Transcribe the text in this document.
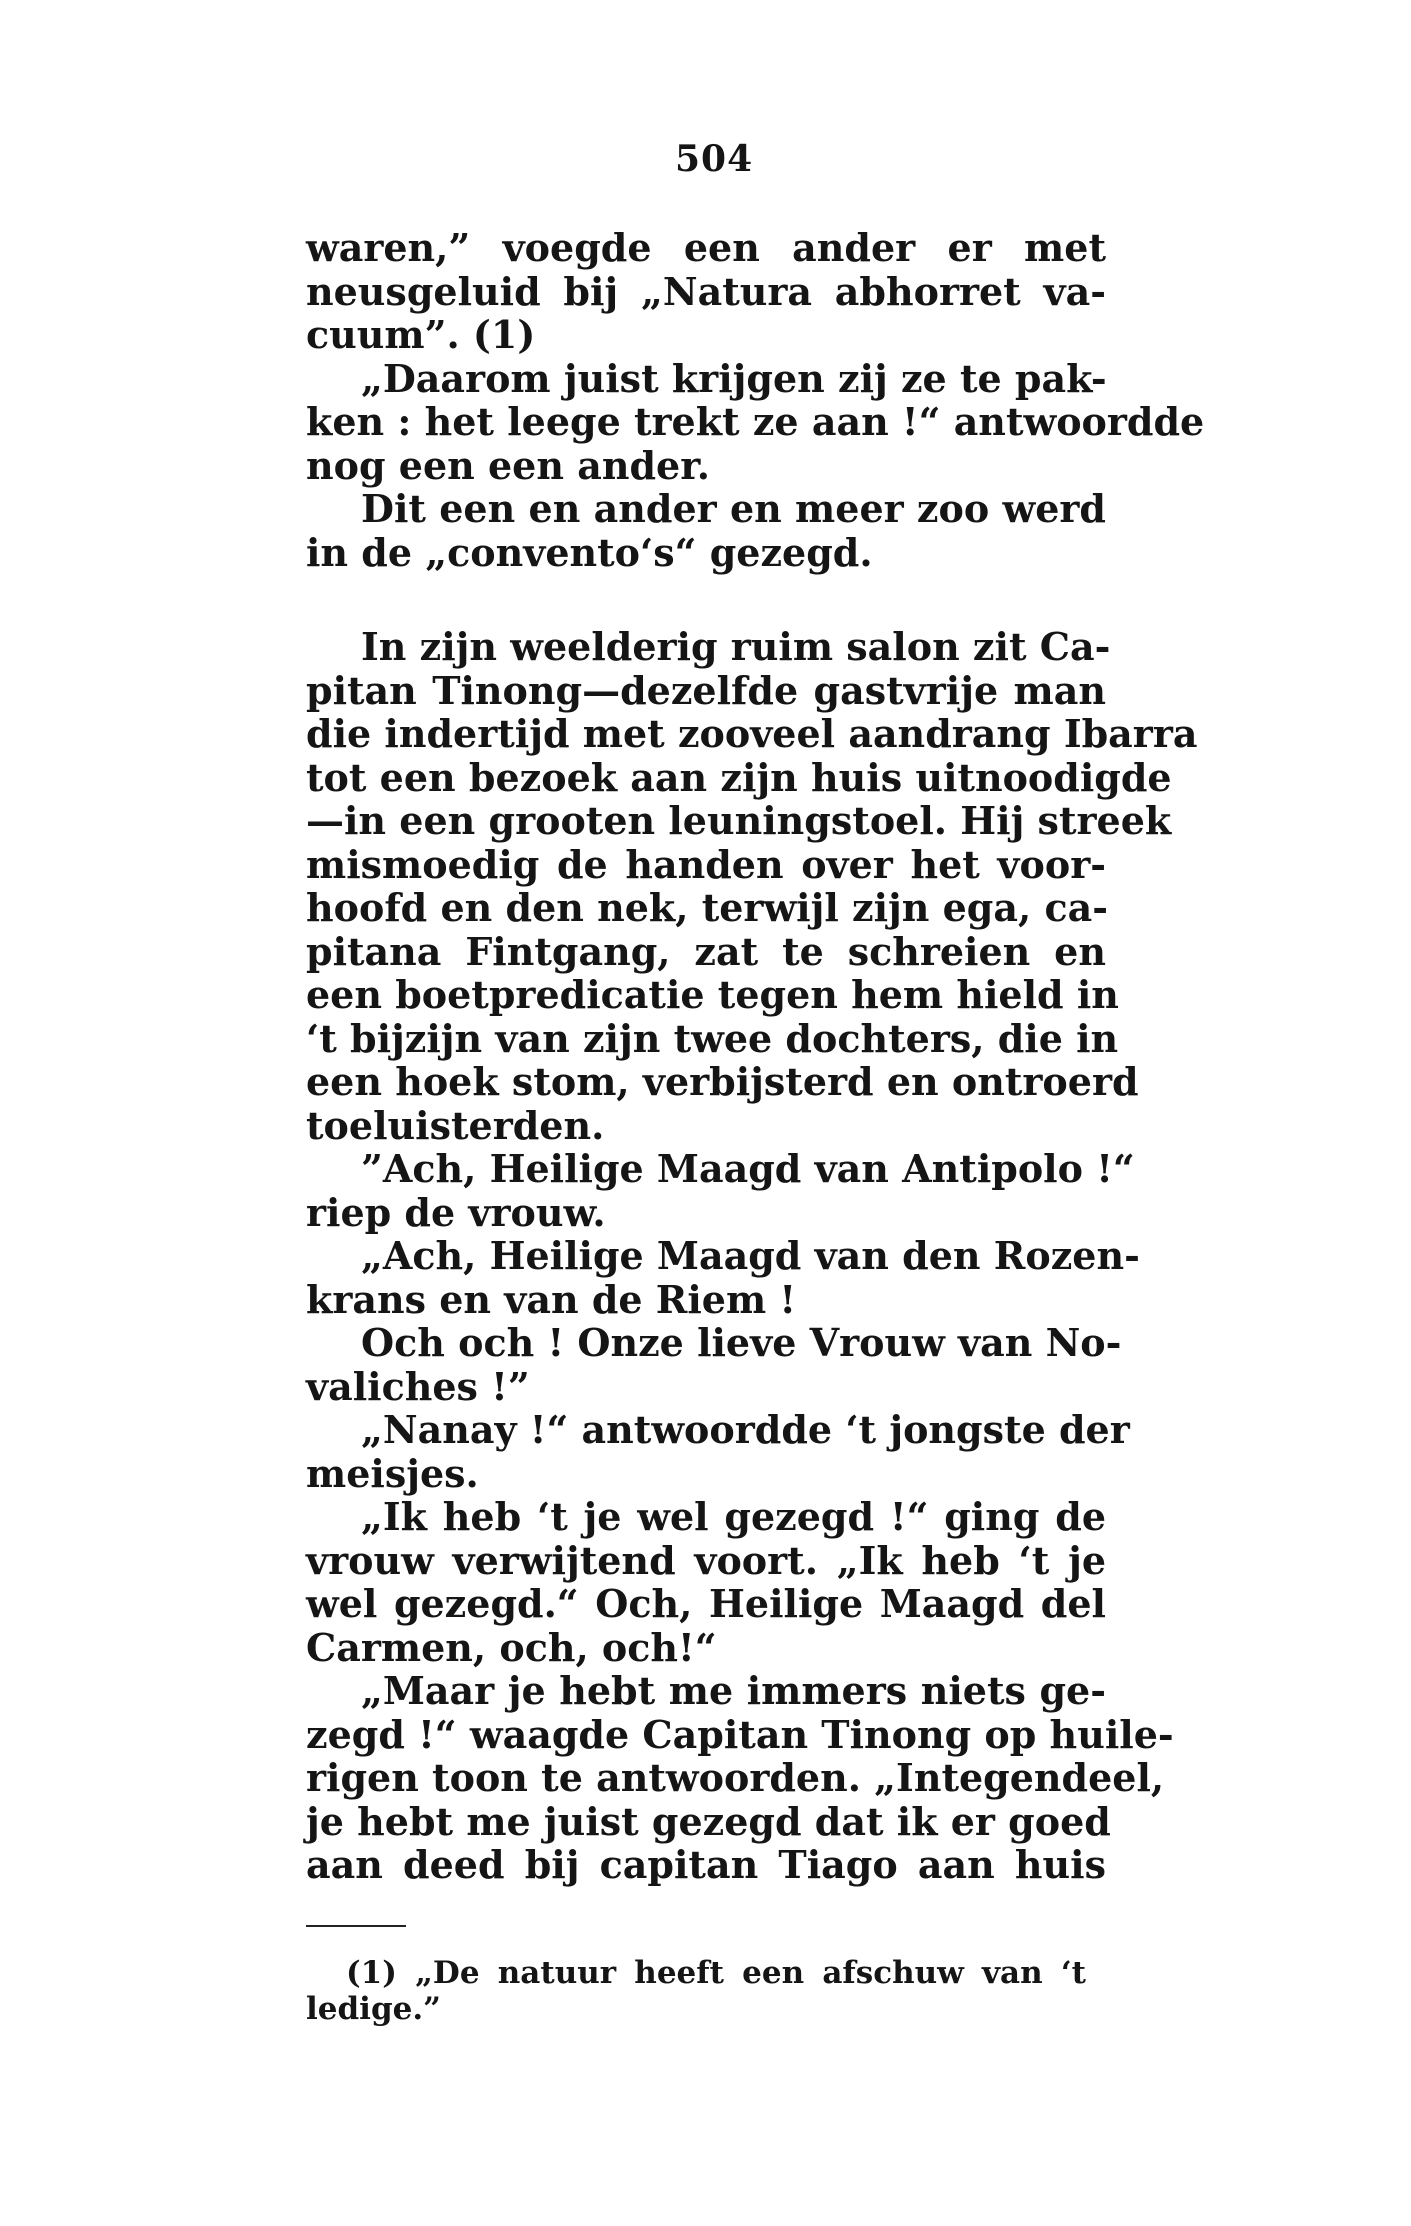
504
waren,” voegde een ander er met
neusgeluid bij „Natura abhorret va-
cuum”. (1)
„Daarom juist krijgen zij ze te pak-
ken : het leege trekt ze aan !“ antwoordde
nog een een ander.
Dit een en ander en meer zoo werd
in de „convento‘s“ gezegd.
In zijn weelderig ruim salon zit Ca-
pitan Tinong—dezelfde gastvrije man
die indertijd met zooveel aandrang Ibarra
tot een bezoek aan zijn huis uitnoodigde
—in een grooten leuningstoel. Hij streek
mismoedig de handen over het voor-
hoofd en den nek, terwijl zijn ega, ca-
pitana Fintgang, zat te schreien en
een boetpredicatie tegen hem hield in
‘t bijzijn van zijn twee dochters, die in
een hoek stom, verbijsterd en ontroerd
toeluisterden.
”Ach, Heilige Maagd van Antipolo !“
riep de vrouw.
„Ach, Heilige Maagd van den Rozen-
krans en van de Riem !
Och och ! Onze lieve Vrouw van No-
valiches !”
„Nanay !“ antwoordde ‘t jongste der
meisjes.
„Ik heb ‘t je wel gezegd !“ ging de
vrouw verwijtend voort. „Ik heb ‘t je
wel gezegd.“ Och, Heilige Maagd del
Carmen, och, och!“
„Maar je hebt me immers niets ge-
zegd !“ waagde Capitan Tinong op huile-
rigen toon te antwoorden. „Integendeel,
je hebt me juist gezegd dat ik er goed
aan deed bij capitan Tiago aan huis
(1) „De natuur heeft een afschuw van ‘t
ledige.”
